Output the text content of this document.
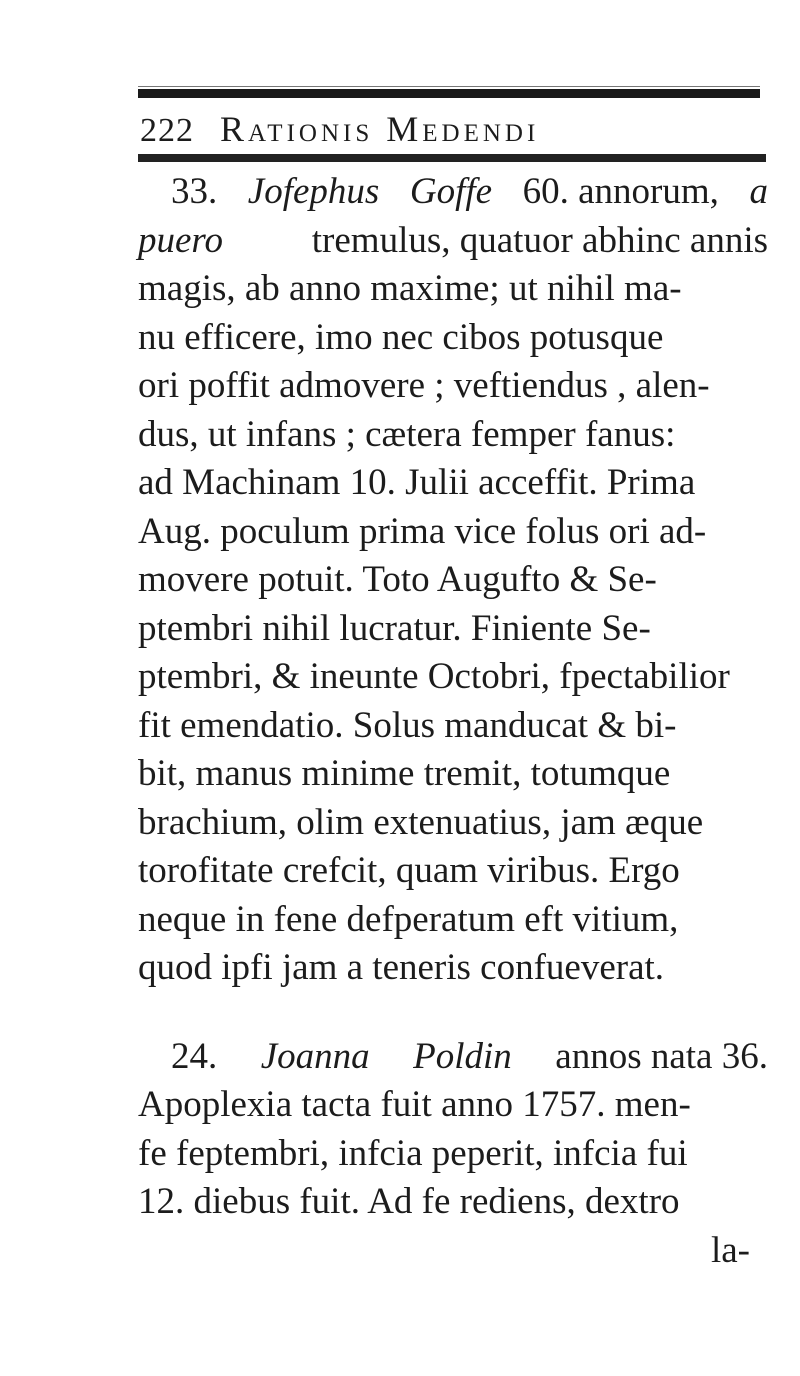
222 Rationis Medendi
33. Jofephus Goffe 60. annorum, a
puero tremulus, quatuor abhinc annis
magis, ab anno maxime; ut nihil ma-
nu efficere, imo nec cibos potusque
ori poffit admovere ; veftiendus , alen-
dus, ut infans ; cætera femper fanus:
ad Machinam 10. Julii acceffit. Prima
Aug. poculum prima vice folus ori ad-
movere potuit. Toto Augufto & Se-
ptembri nihil lucratur. Finiente Se-
ptembri, & ineunte Octobri, fpectabilior
fit emendatio. Solus manducat & bi-
bit, manus minime tremit, totumque
brachium, olim extenuatius, jam æque
torofitate crefcit, quam viribus. Ergo
neque in fene defperatum eft vitium,
quod ipfi jam a teneris confueverat.
24. Joanna Poldin annos nata 36.
Apoplexia tacta fuit anno 1757. men-
fe feptembri, infcia peperit, infcia fui
12. diebus fuit. Ad fe rediens, dextro
la-
